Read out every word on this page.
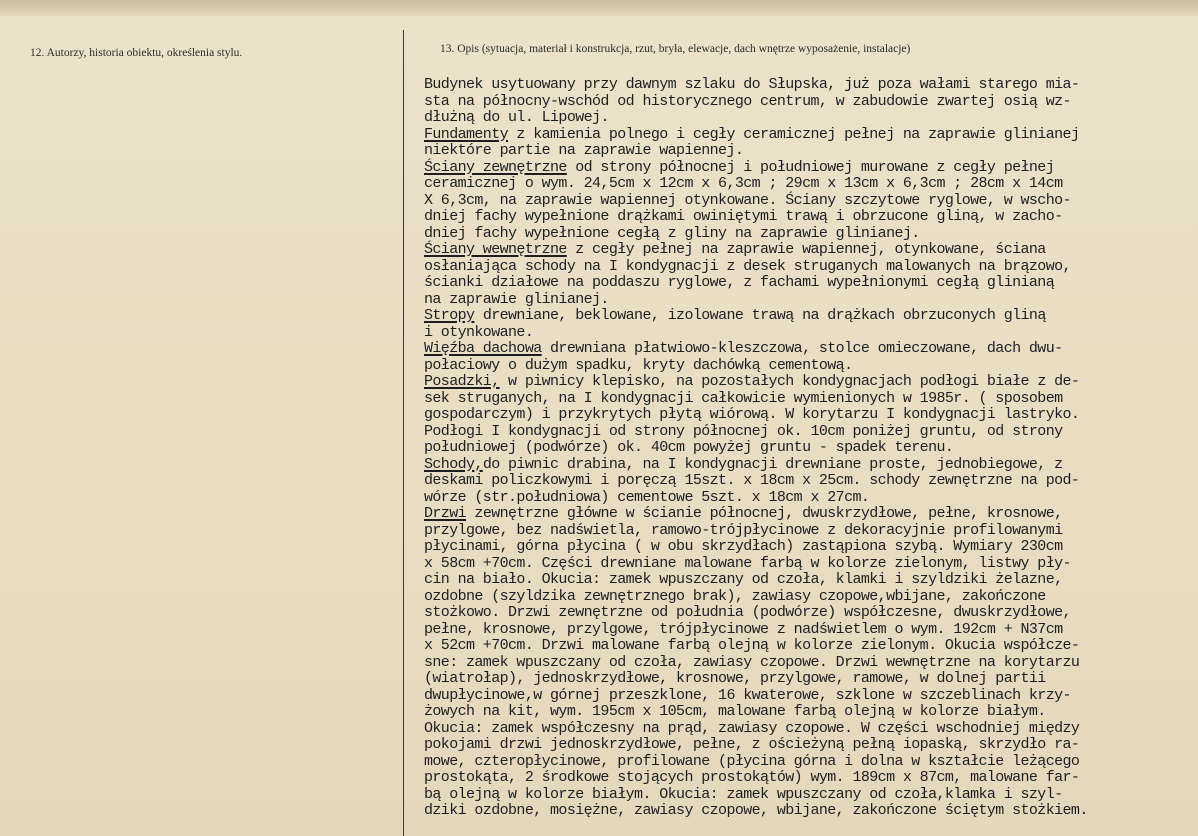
12. Autorzy, historia obiektu, określenia stylu.	13. Opis (sytuacja, materiał i konstrukcja, rzut, bryła, elewacje, dach wnętrze wyposażenie, instalacje)
Budynek usytuowany przy dawnym szlaku do Słupska, już poza wałami starego mia-
sta na północny-wschód od historycznego centrum, w zabudowie zwartej osią wz-
dłużną do ul. Lipowej.
Fundamenty z kamienia polnego i cegły ceramicznej pełnej na zaprawie glinianej
niektóre partie na zaprawie wapiennej.
Ściany zewnętrzne od strony północnej i południowej murowane z cegły pełnej
ceramicznej o wym. 24,5cm x 12cm x 6,3cm ; 29cm x 13cm x 6,3cm ; 28cm x 14cm
X 6,3cm, na zaprawie wapiennej otynkowane. Ściany szczytowe ryglowe, w wscho-
dniej fachy wypełnione drążkami owiniętymi trawą i obrzucone gliną, w zacho-
dniej fachy wypełnione cegłą z gliny na zaprawie glinianej.
Ściany wewnętrzne z cegły pełnej na zaprawie wapiennej, otynkowane, ściana
osłaniająca schody na I kondygnacji z desek struganych malowanych na brązowo,
ścianki działowe na poddaszu ryglowe, z fachami wypełnionymi cegłą glinianą
na zaprawie glinianej.
Stropy drewniane, beklowane, izolowane trawą na drążkach obrzuconych gliną
i otynkowane.
Więźba dachowa drewniana płatwiowo-kleszczowa, stolce omieczowane, dach dwu-
połaciowy o dużym spadku, kryty dachówką cementową.
Posadzki, w piwnicy klepisko, na pozostałych kondygnacjach podłogi białe z de-
sek struganych, na I kondygnacji całkowicie wymienionych w 1985r. ( sposobem
gospodarczym) i przykrytych płytą wiórową. W korytarzu I kondygnacji lastryko.
Podłogi I kondygnacji od strony północnej ok. 10cm poniżej gruntu, od strony
południowej (podwórze) ok. 40cm powyżej gruntu - spadek terenu.
Schody,do piwnic drabina, na I kondygnacji drewniane proste, jednobiegowe, z
deskami policzkowymi i poręczą 15szt. x 18cm x 25cm. schody zewnętrzne na pod-
wórze (str.południowa) cementowe 5szt. x 18cm x 27cm.
Drzwi zewnętrzne główne w ścianie północnej, dwuskrzydłowe, pełne, krosnowe,
przylgowe, bez nadświetla, ramowo-trójpłycinowe z dekoracyjnie profilowanymi
płycinami, górna płycina ( w obu skrzydłach) zastąpiona szybą. Wymiary 230cm
x 58cm +70cm. Części drewniane malowane farbą w kolorze zielonym, listwy pły-
cin na biało. Okucia: zamek wpuszczany od czoła, klamki i szyldziki żelazne,
ozdobne (szyldzika zewnętrznego brak), zawiasy czopowe,wbijane, zakończone
stożkowo. Drzwi zewnętrzne od południa (podwórze) współczesne, dwuskrzydłowe,
pełne, krosnowe, przylgowe, trójpłycinowe z nadświetlem o wym. 192cm + N37cm
x 52cm +70cm. Drzwi malowane farbą olejną w kolorze zielonym. Okucia współcze-
sne: zamek wpuszczany od czoła, zawiasy czopowe. Drzwi wewnętrzne na korytarzu
(wiatrołap), jednoskrzydłowe, krosnowe, przylgowe, ramowe, w dolnej partii
dwupłycinowe,w górnej przeszklone, 16 kwaterowe, szklone w szczeblinach krzy-
żowych na kit, wym. 195cm x 105cm, malowane farbą olejną w kolorze białym.
Okucia: zamek współczesny na prąd, zawiasy czopowe. W części wschodniej między
pokojami drzwi jednoskrzydłowe, pełne, z ościeżyną pełną iopaską, skrzydło ra-
mowe, czteropłycinowe, profilowane (płycina górna i dolna w kształcie leżącego
prostokąta, 2 środkowe stojących prostokątów) wym. 189cm x 87cm, malowane far-
bą olejną w kolorze białym. Okucia: zamek wpuszczany od czoła,klamka i szyl-
dziki ozdobne, mosiężne, zawiasy czopowe, wbijane, zakończone ściętym stożkiem.
